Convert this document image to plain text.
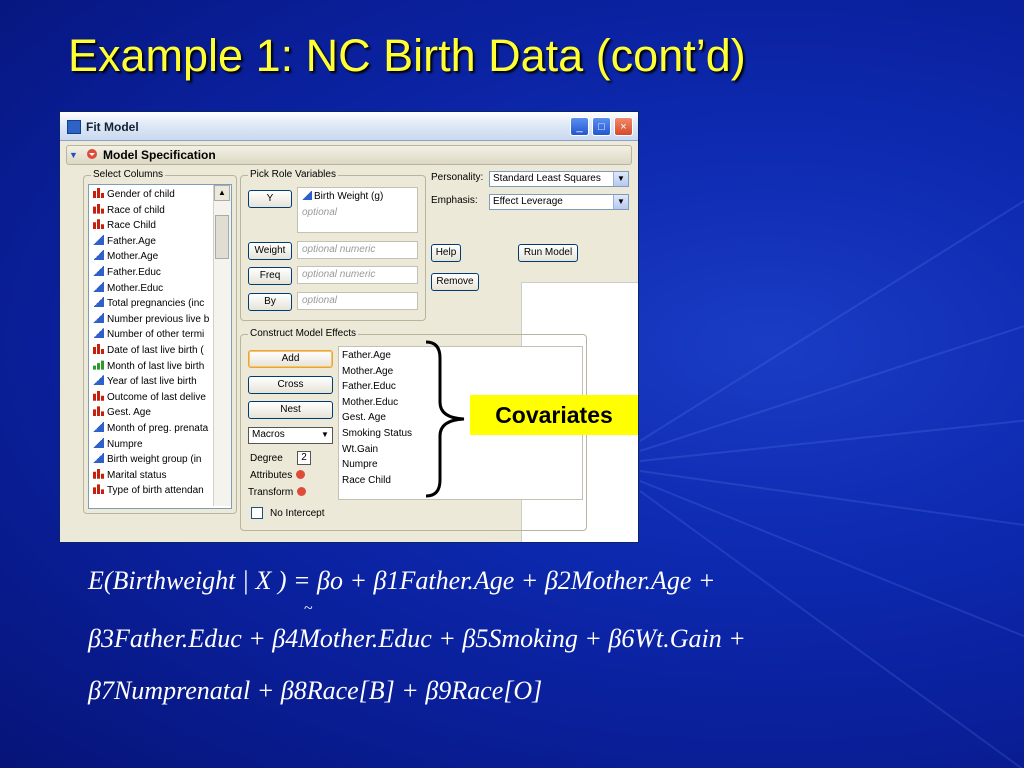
Example 1: NC Birth Data (cont’d)
Fit Model	_	□	×
▼ Model Specification
Select Columns
▲
Gender of child
Race of child
Race Child
Father.Age
Mother.Age
Father.Educ
Mother.Educ
Total pregnancies (inc
Number previous live b
Number of other termi
Date of last live birth (
Month of last live birth
Year of last live birth
Outcome of last delive
Gest. Age
Month of preg. prenata
Numpre
Birth weight group (in
Marital status
Type of birth attendan
Pick Role Variables
Y	Birth Weight (g)
optional
Weight	optional numeric
Freq	optional numeric
By	optional
Personality: Standard Least Squares	▼
Emphasis:	Effect Leverage	▼
Help	Run Model
Remove
Construct Model Effects
Add
Cross
Nest
Macros	▼
Degree	2
Attributes
Transform
No Intercept
Father.Age
Mother.Age
Father.Educ
Mother.Educ
Gest. Age
Smoking Status
Wt.Gain
Numpre
Race Child
Covariates
E(Birthweight | X ) = βo + β1Father.Age + β2Mother.Age +
~
β3Father.Educ + β4Mother.Educ + β5Smoking + β6Wt.Gain +
β7Numprenatal + β8Race[B] + β9Race[O]
